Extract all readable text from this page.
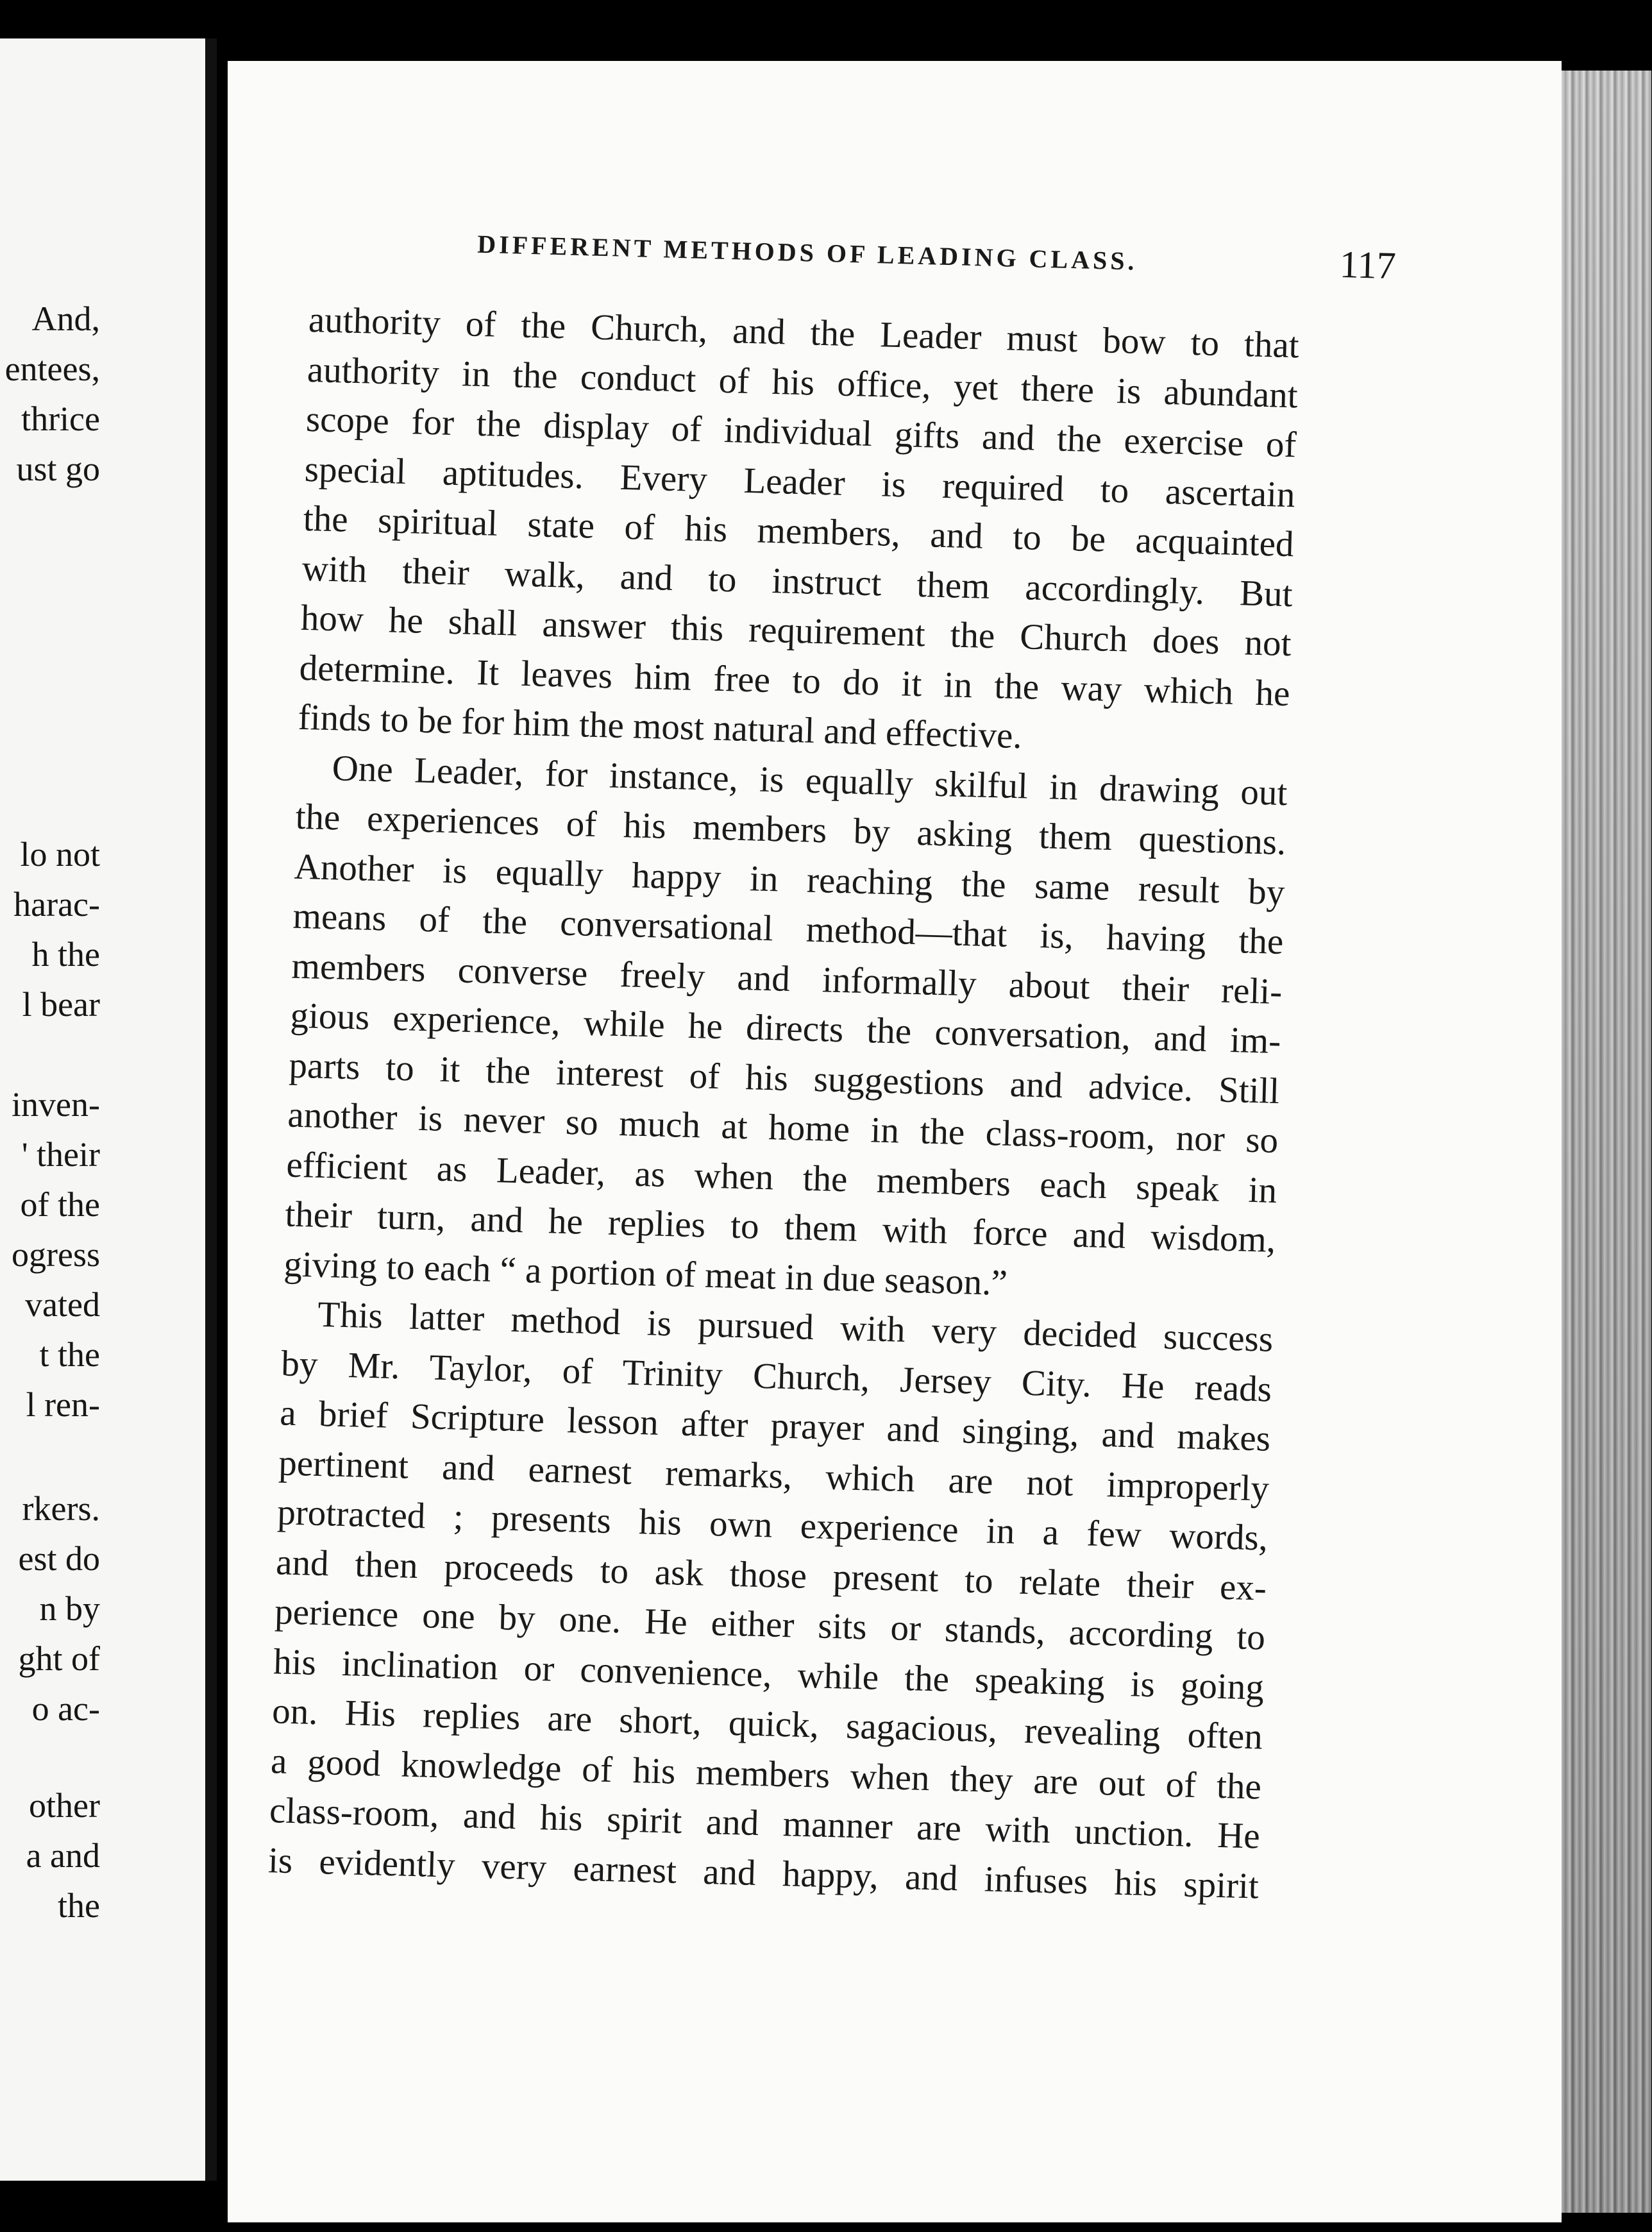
And,
entees,
thrice
ust go
lo not
harac-
h the
l bear
inven-
' their
of the
ogress
vated
t the
l ren-
rkers.
est do
n by
ght of
o ac-
other
a and
the
DIFFERENT METHODS OF LEADING CLASS.	117

authority of the Church, and the Leader must bow to that
authority in the conduct of his office, yet there is abundant
scope for the display of individual gifts and the exercise of
special aptitudes. Every Leader is required to ascertain
the spiritual state of his members, and to be acquainted
with their walk, and to instruct them accordingly. But
how he shall answer this requirement the Church does not
determine. It leaves him free to do it in the way which he
finds to be for him the most natural and effective.

One Leader, for instance, is equally skilful in drawing out
the experiences of his members by asking them questions.
Another is equally happy in reaching the same result by
means of the conversational method—that is, having the
members converse freely and informally about their reli-
gious experience, while he directs the conversation, and im-
parts to it the interest of his suggestions and advice. Still
another is never so much at home in the class-room, nor so
efficient as Leader, as when the members each speak in
their turn, and he replies to them with force and wisdom,
giving to each “ a portion of meat in due season.”

This latter method is pursued with very decided success
by Mr. Taylor, of Trinity Church, Jersey City. He reads
a brief Scripture lesson after prayer and singing, and makes
pertinent and earnest remarks, which are not improperly
protracted ; presents his own experience in a few words,
and then proceeds to ask those present to relate their ex-
perience one by one. He either sits or stands, according to
his inclination or convenience, while the speaking is going
on. His replies are short, quick, sagacious, revealing often
a good knowledge of his members when they are out of the
class-room, and his spirit and manner are with unction. He
is evidently very earnest and happy, and infuses his spirit
